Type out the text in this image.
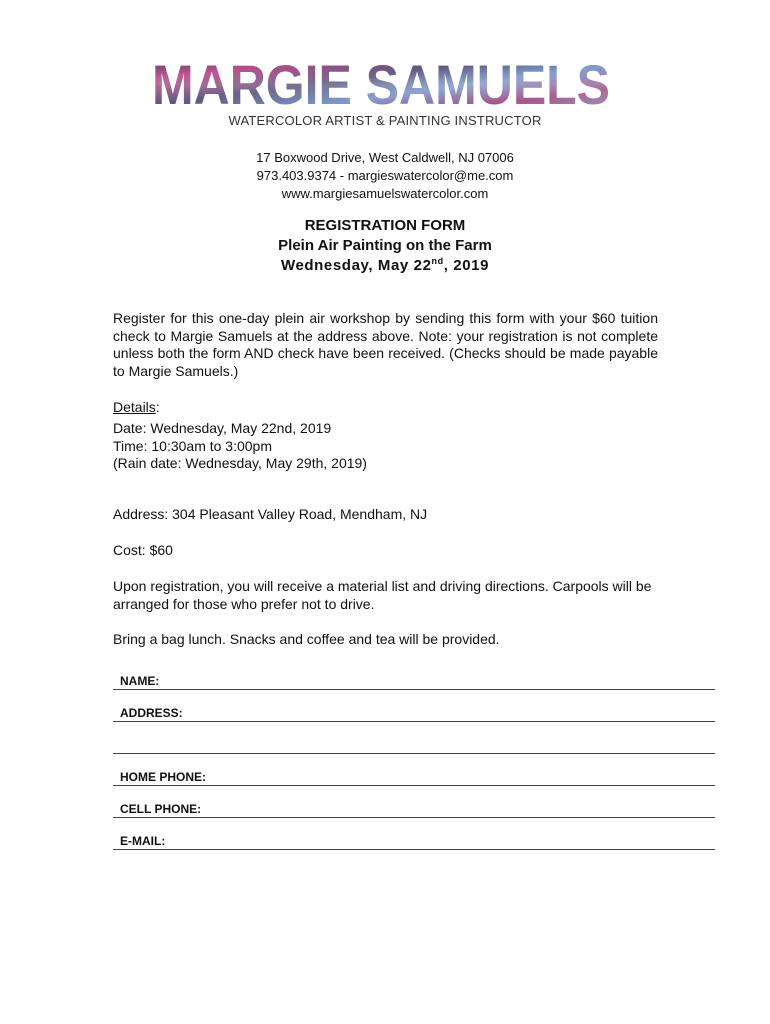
MARGIE SAMUELS
MARGIE SAMUELS
WATERCOLOR ARTIST & PAINTING INSTRUCTOR
17 Boxwood Drive, West Caldwell, NJ 07006
973.403.9374 - margieswatercolor@me.com
www.margiesamuelswatercolor.com
REGISTRATION FORM
Plein Air Painting on the Farm
Wednesday, May 22nd, 2019

Register for this one-day plein air workshop by sending this form with your $60 tuition check to Margie Samuels at the address above. Note: your registration is not complete unless both the form AND check have been received. (Checks should be made payable to Margie Samuels.)

Details:

Date: Wednesday, May 22nd, 2019

Time: 10:30am to 3:00pm

(Rain date: Wednesday, May 29th, 2019)

Address: 304 Pleasant Valley Road, Mendham, NJ

Cost: $60

Upon registration, you will receive a material list and driving directions. Carpools will be arranged for those who prefer not to drive.

Bring a bag lunch. Snacks and coffee and tea will be provided.

NAME:
ADDRESS:
HOME PHONE:
CELL PHONE:
E-MAIL:
